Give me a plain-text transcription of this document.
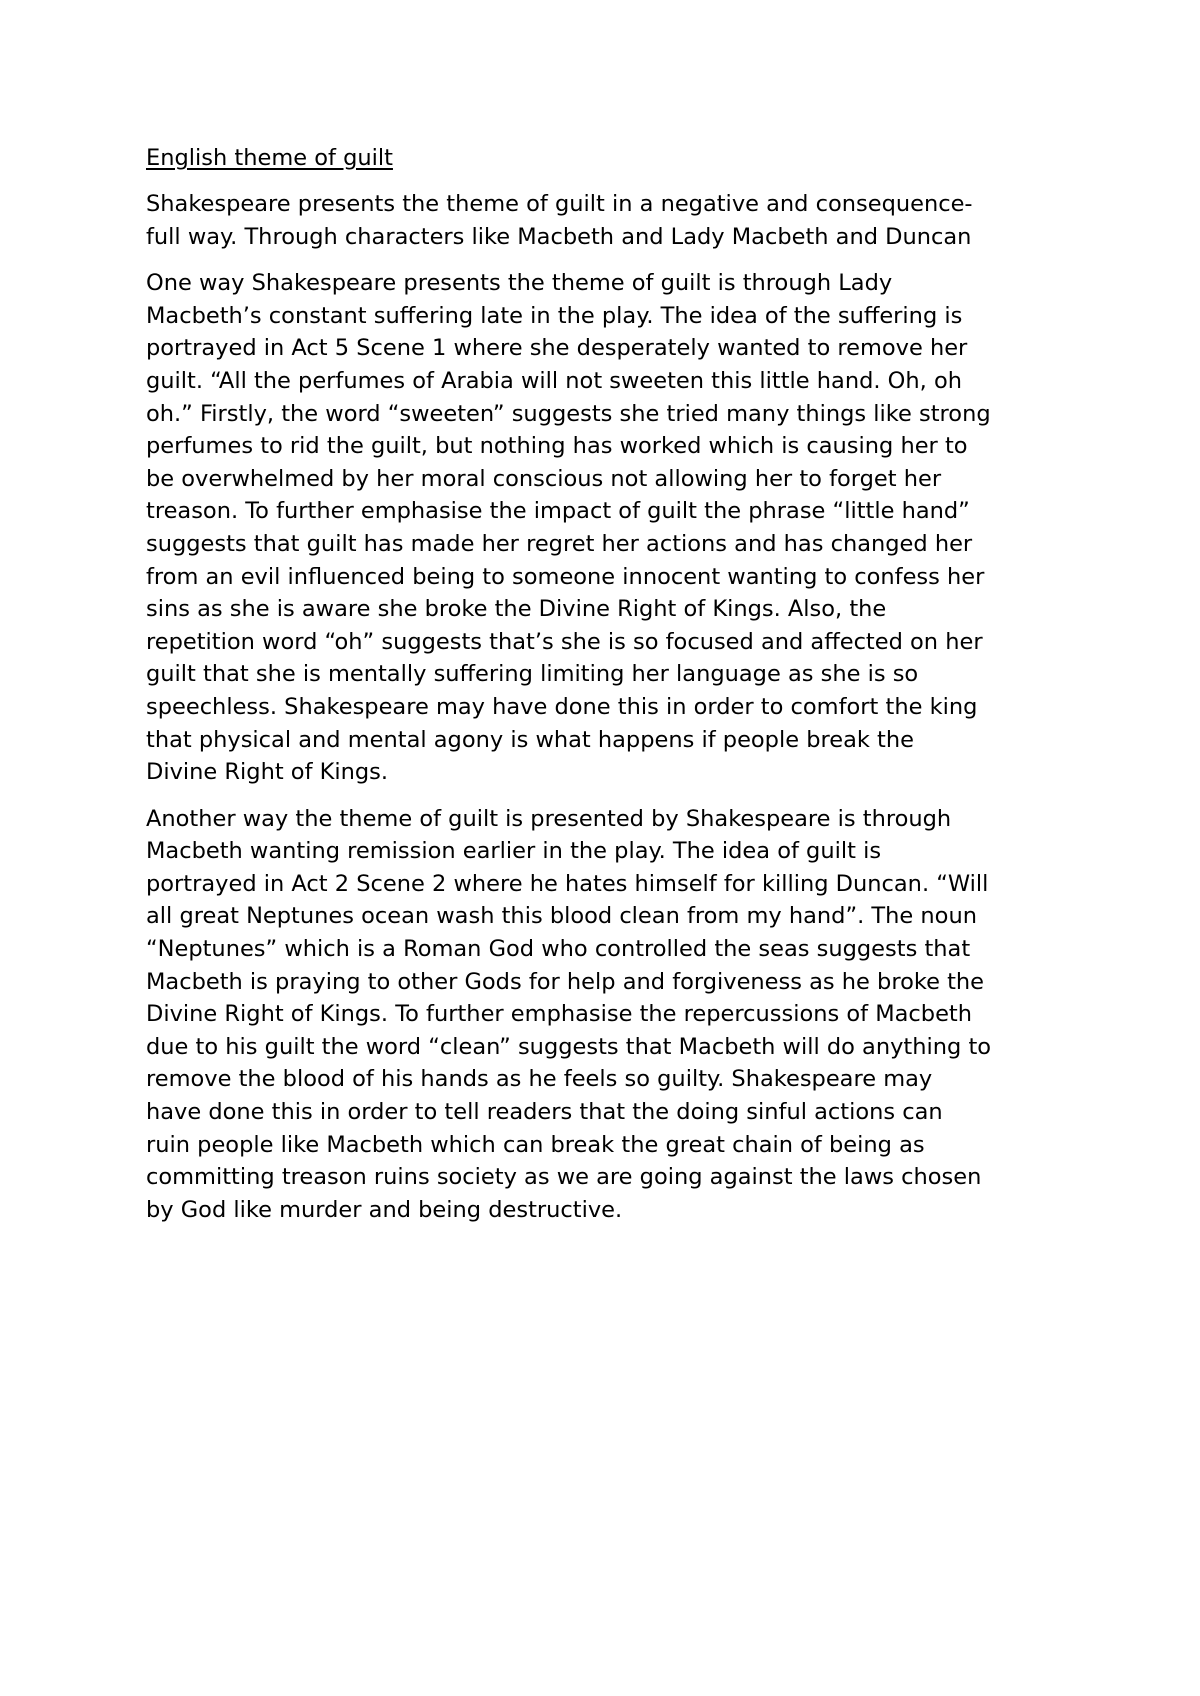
English theme of guilt

Shakespeare presents the theme of guilt in a negative and consequence-
full way. Through characters like Macbeth and Lady Macbeth and Duncan

One way Shakespeare presents the theme of guilt is through Lady
Macbeth’s constant suffering late in the play. The idea of the suffering is
portrayed in Act 5 Scene 1 where she desperately wanted to remove her
guilt. “All the perfumes of Arabia will not sweeten this little hand. Oh, oh
oh.” Firstly, the word “sweeten” suggests she tried many things like strong
perfumes to rid the guilt, but nothing has worked which is causing her to
be overwhelmed by her moral conscious not allowing her to forget her
treason. To further emphasise the impact of guilt the phrase “little hand”
suggests that guilt has made her regret her actions and has changed her
from an evil influenced being to someone innocent wanting to confess her
sins as she is aware she broke the Divine Right of Kings. Also, the
repetition word “oh” suggests that’s she is so focused and affected on her
guilt that she is mentally suffering limiting her language as she is so
speechless. Shakespeare may have done this in order to comfort the king
that physical and mental agony is what happens if people break the
Divine Right of Kings.

Another way the theme of guilt is presented by Shakespeare is through
Macbeth wanting remission earlier in the play. The idea of guilt is
portrayed in Act 2 Scene 2 where he hates himself for killing Duncan. “Will
all great Neptunes ocean wash this blood clean from my hand”. The noun
“Neptunes” which is a Roman God who controlled the seas suggests that
Macbeth is praying to other Gods for help and forgiveness as he broke the
Divine Right of Kings. To further emphasise the repercussions of Macbeth
due to his guilt the word “clean” suggests that Macbeth will do anything to
remove the blood of his hands as he feels so guilty. Shakespeare may
have done this in order to tell readers that the doing sinful actions can
ruin people like Macbeth which can break the great chain of being as
committing treason ruins society as we are going against the laws chosen
by God like murder and being destructive.
